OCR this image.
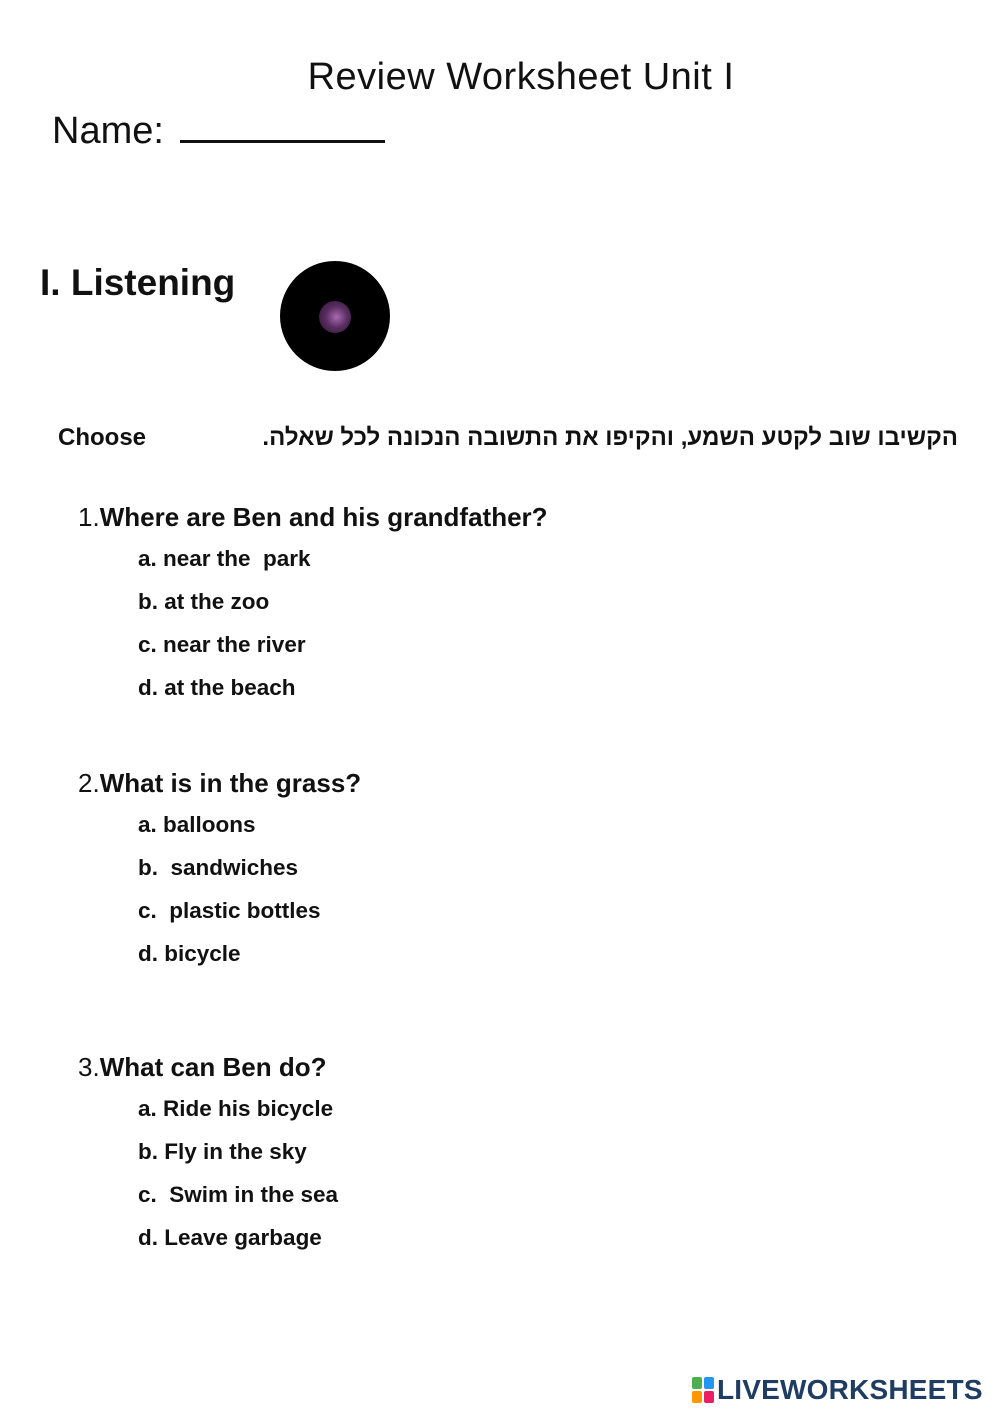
Review Worksheet Unit I
Name:
I. Listening
Choose	הקשיבו שוב לקטע השמע, והקיפו את התשובה הנכונה לכל שאלה.
1.Where are Ben and his grandfather?
a. near the  park
b. at the zoo
c. near the river
d. at the beach
2.What is in the grass?
a. balloons
b.  sandwiches
c.  plastic bottles
d. bicycle
3.What can Ben do?
a. Ride his bicycle
b. Fly in the sky
c.  Swim in the sea
d. Leave garbage
LIVEWORKSHEETS
